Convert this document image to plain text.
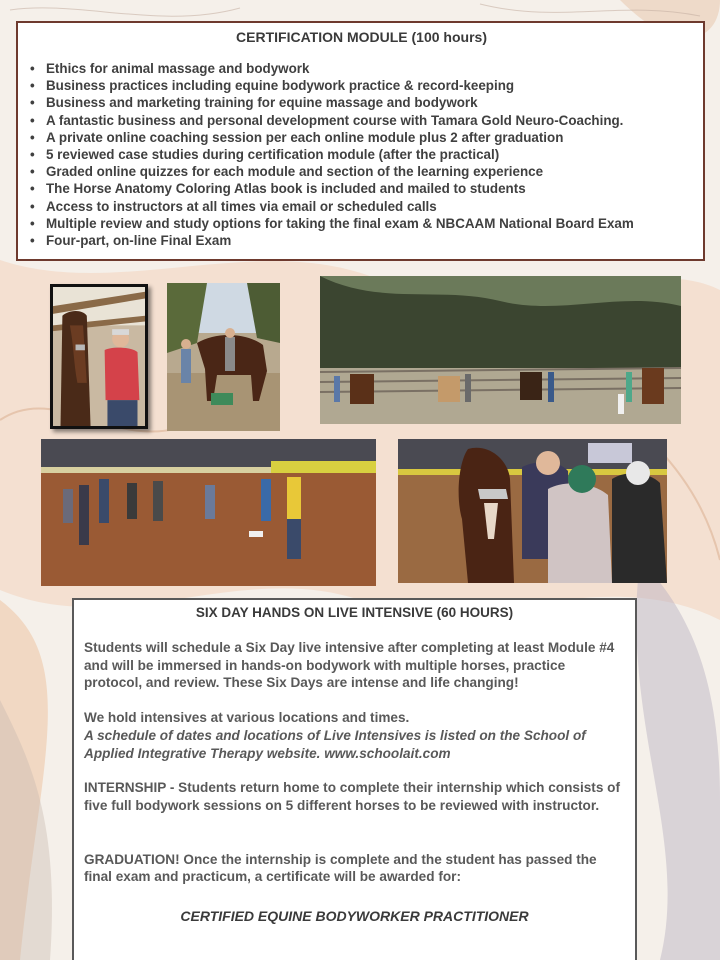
CERTIFICATION MODULE (100 hours)
• Ethics for animal massage and bodywork
• Business practices including equine bodywork practice & record-keeping
• Business and marketing training for equine massage and bodywork
• A fantastic business and personal development course with Tamara Gold Neuro-Coaching.
• A private online coaching session per each online module plus 2 after graduation
• 5 reviewed case studies during certification module (after the practical)
• Graded online quizzes for each module and section of the learning experience
• The Horse Anatomy Coloring Atlas book is included and mailed to students
• Access to instructors at all times via email or scheduled calls
• Multiple review and study options for taking the final exam & NBCAAM National Board Exam
• Four-part, on-line Final Exam
SIX DAY HANDS ON LIVE INTENSIVE (60 HOURS)

Students will schedule a Six Day live intensive after completing at least Module #4 and will be immersed in hands-on bodywork with multiple horses, practice protocol, and review. These Six Days are intense and life changing!

We hold intensives at various locations and times.

A schedule of dates and locations of Live Intensives is listed on the School of Applied Integrative Therapy website. www.schoolait.com

INTERNSHIP - Students return home to complete their internship which consists of five full bodywork sessions on 5 different horses to be reviewed with instructor.

GRADUATION! Once the internship is complete and the student has passed the final exam and practicum, a certificate will be awarded for:

CERTIFIED EQUINE BODYWORKER PRACTITIONER
